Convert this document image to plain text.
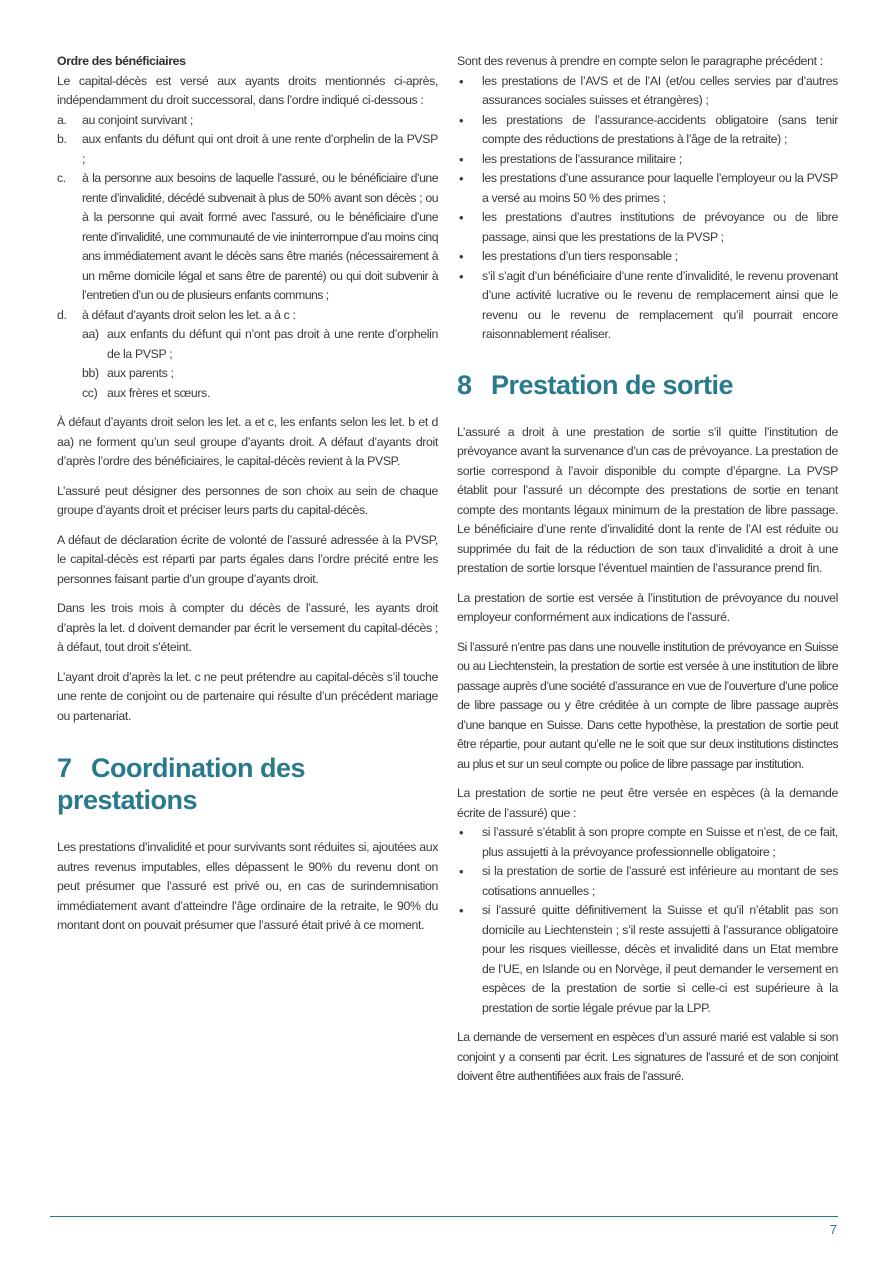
Ordre des bénéficiaires

Le capital-décès est versé aux ayants droits mentionnés ci-après, indépendamment du droit successoral, dans l’ordre indiqué ci-dessous :

a. au conjoint survivant ;
b. aux enfants du défunt qui ont droit à une rente d’orphelin de la PVSP ;
c. à la personne aux besoins de laquelle l’assuré, ou le bénéficiaire d’une rente d’invalidité, décédé subvenait à plus de 50% avant son décès ; ou à la personne qui avait formé avec l’assuré, ou le bénéficiaire d’une rente d’invalidité, une communauté de vie ininterrompue d’au moins cinq ans immédiatement avant le décès sans être mariés (nécessairement à un même domicile légal et sans être de parenté) ou qui doit subvenir à l’entretien d’un ou de plusieurs enfants communs ;
d. à défaut d’ayants droit selon les let. a à c :
aa) aux enfants du défunt qui n’ont pas droit à une rente d’orphelin de la PVSP ;
bb) aux parents ;
cc) aux frères et sœurs.

À défaut d’ayants droit selon les let. a et c, les enfants selon les let. b et d aa) ne forment qu’un seul groupe d’ayants droit. A défaut d’ayants droit d’après l’ordre des bénéficiaires, le capital-décès revient à la PVSP.

L’assuré peut désigner des personnes de son choix au sein de chaque groupe d’ayants droit et préciser leurs parts du capital-décès.

A défaut de déclaration écrite de volonté de l’assuré adressée à la PVSP, le capital-décès est réparti par parts égales dans l’ordre précité entre les personnes faisant partie d’un groupe d’ayants droit.

Dans les trois mois à compter du décès de l’assuré, les ayants droit d’après la let. d doivent demander par écrit le versement du capital-décès ; à défaut, tout droit s’éteint.

L’ayant droit d’après la let. c ne peut prétendre au capital-décès s’il touche une rente de conjoint ou de partenaire qui résulte d’un précédent mariage ou partenariat.

7 Coordination des prestations

Les prestations d’invalidité et pour survivants sont réduites si, ajoutées aux autres revenus imputables, elles dépassent le 90% du revenu dont on peut présumer que l’assuré est privé ou, en cas de surindemnisation immédiatement avant d’atteindre l’âge ordinaire de la retraite, le 90% du montant dont on pouvait présumer que l’assuré était privé à ce moment.

Sont des revenus à prendre en compte selon le paragraphe précédent :

• les prestations de l’AVS et de l’AI (et/ou celles servies par d’autres assurances sociales suisses et étrangères) ;
• les prestations de l’assurance-accidents obligatoire (sans tenir compte des réductions de prestations à l’âge de la retraite) ;
• les prestations de l’assurance militaire ;
• les prestations d’une assurance pour laquelle l’employeur ou la PVSP a versé au moins 50 % des primes ;
• les prestations d’autres institutions de prévoyance ou de libre passage, ainsi que les prestations de la PVSP ;
• les prestations d’un tiers responsable ;
• s’il s’agit d’un bénéficiaire d’une rente d’invalidité, le revenu provenant d’une activité lucrative ou le revenu de remplacement ainsi que le revenu ou le revenu de remplacement qu’il pourrait encore raisonnablement réaliser.
8 Prestation de sortie

L’assuré a droit à une prestation de sortie s’il quitte l’institution de prévoyance avant la survenance d’un cas de prévoyance. La prestation de sortie correspond à l’avoir disponible du compte d’épargne. La PVSP établit pour l’assuré un décompte des prestations de sortie en tenant compte des montants légaux minimum de la prestation de libre passage. Le bénéficiaire d’une rente d’invalidité dont la rente de l’AI est réduite ou supprimée du fait de la réduction de son taux d’invalidité a droit à une prestation de sortie lorsque l’éventuel maintien de l’assurance prend fin.

La prestation de sortie est versée à l’institution de prévoyance du nouvel employeur conformément aux indications de l’assuré.

Si l’assuré n’entre pas dans une nouvelle institution de prévoyance en Suisse ou au Liechtenstein, la prestation de sortie est versée à une institution de libre passage auprès d’une société d’assurance en vue de l’ouverture d’une police de libre passage ou y être créditée à un compte de libre passage auprès d’une banque en Suisse. Dans cette hypothèse, la prestation de sortie peut être répartie, pour autant qu’elle ne le soit que sur deux institutions distinctes au plus et sur un seul compte ou police de libre passage par institution.

La prestation de sortie ne peut être versée en espèces (à la demande écrite de l’assuré) que :

• si l’assuré s’établit à son propre compte en Suisse et n’est, de ce fait, plus assujetti à la prévoyance professionnelle obligatoire ;
• si la prestation de sortie de l’assuré est inférieure au montant de ses cotisations annuelles ;
• si l’assuré quitte définitivement la Suisse et qu’il n’établit pas son domicile au Liechtenstein ; s’il reste assujetti à l’assurance obligatoire pour les risques vieillesse, décès et invalidité dans un Etat membre de l’UE, en Islande ou en Norvège, il peut demander le versement en espèces de la prestation de sortie si celle-ci est supérieure à la prestation de sortie légale prévue par la LPP.

La demande de versement en espèces d’un assuré marié est valable si son conjoint y a consenti par écrit. Les signatures de l’assuré et de son conjoint doivent être authentifiées aux frais de l’assuré.

7
